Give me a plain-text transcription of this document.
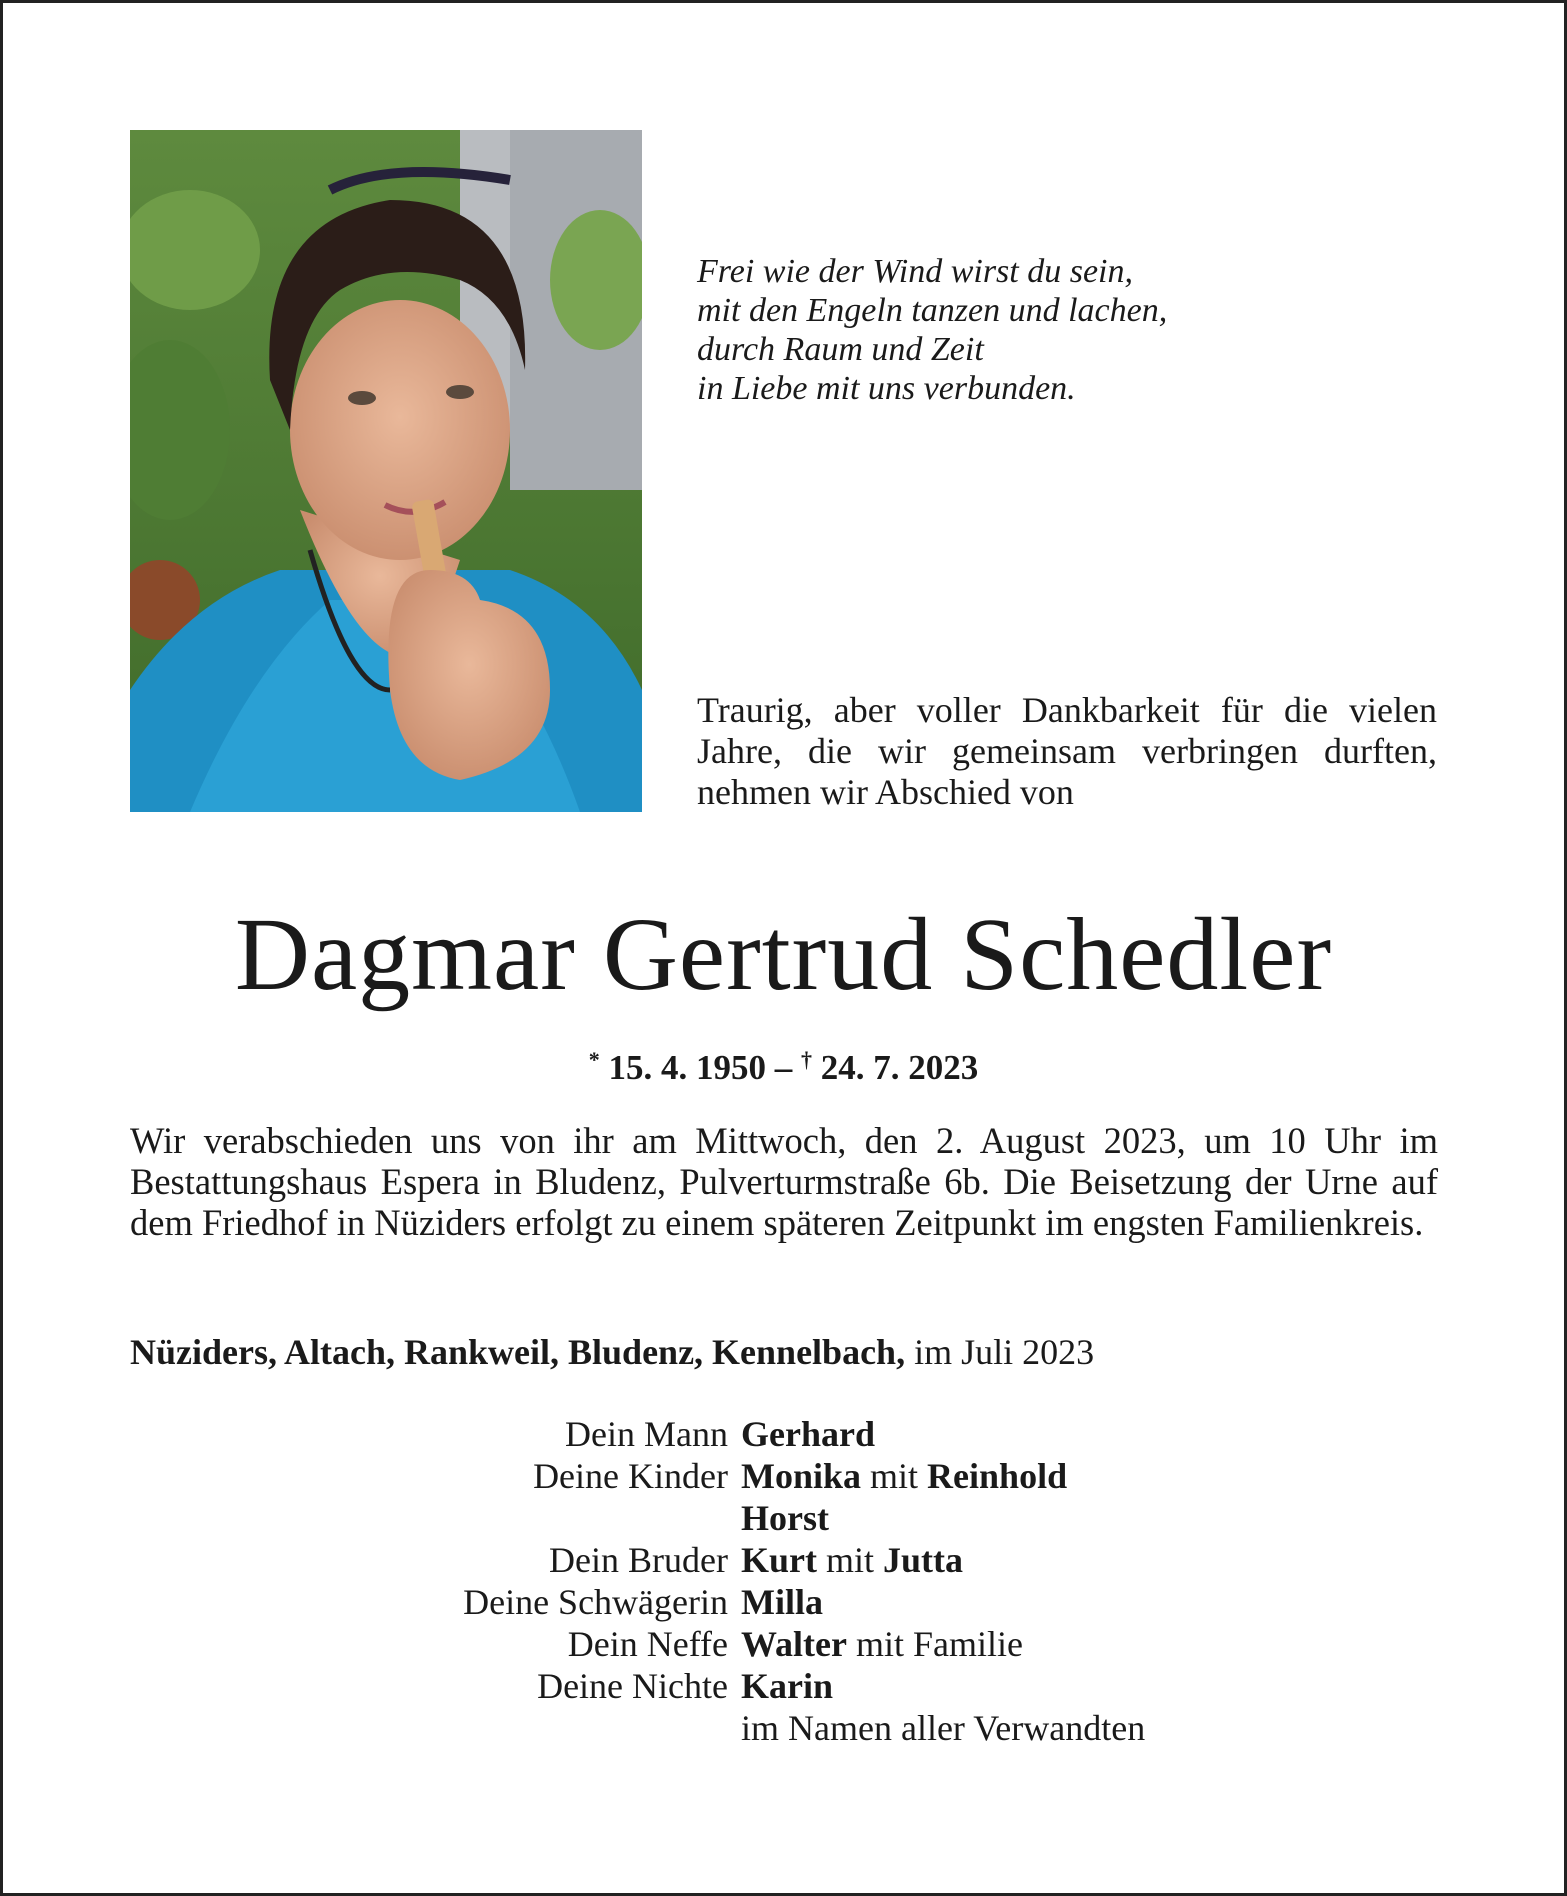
Frei wie der Wind wirst du sein,
mit den Engeln tanzen und lachen,
durch Raum und Zeit
in Liebe mit uns verbunden.
Traurig, aber voller Dankbarkeit für die vielen Jahre, die wir gemeinsam verbringen durften, nehmen wir Abschied von
Dagmar Gertrud Schedler
* 15. 4. 1950 – † 24. 7. 2023
Wir verabschieden uns von ihr am Mittwoch, den 2. August 2023, um 10 Uhr im Bestattungshaus Espera in Bludenz, Pulverturmstraße 6b. Die Beisetzung der Urne auf dem Friedhof in Nüziders erfolgt zu einem späteren Zeitpunkt im engsten Familienkreis.
Nüziders, Altach, Rankweil, Bludenz, Kennelbach, im Juli 2023
Dein Mann Gerhard
Deine Kinder Monika mit Reinhold
Horst
Dein Bruder Kurt mit Jutta
Deine Schwägerin Milla
Dein Neffe Walter mit Familie
Deine Nichte Karin
im Namen aller Verwandten
